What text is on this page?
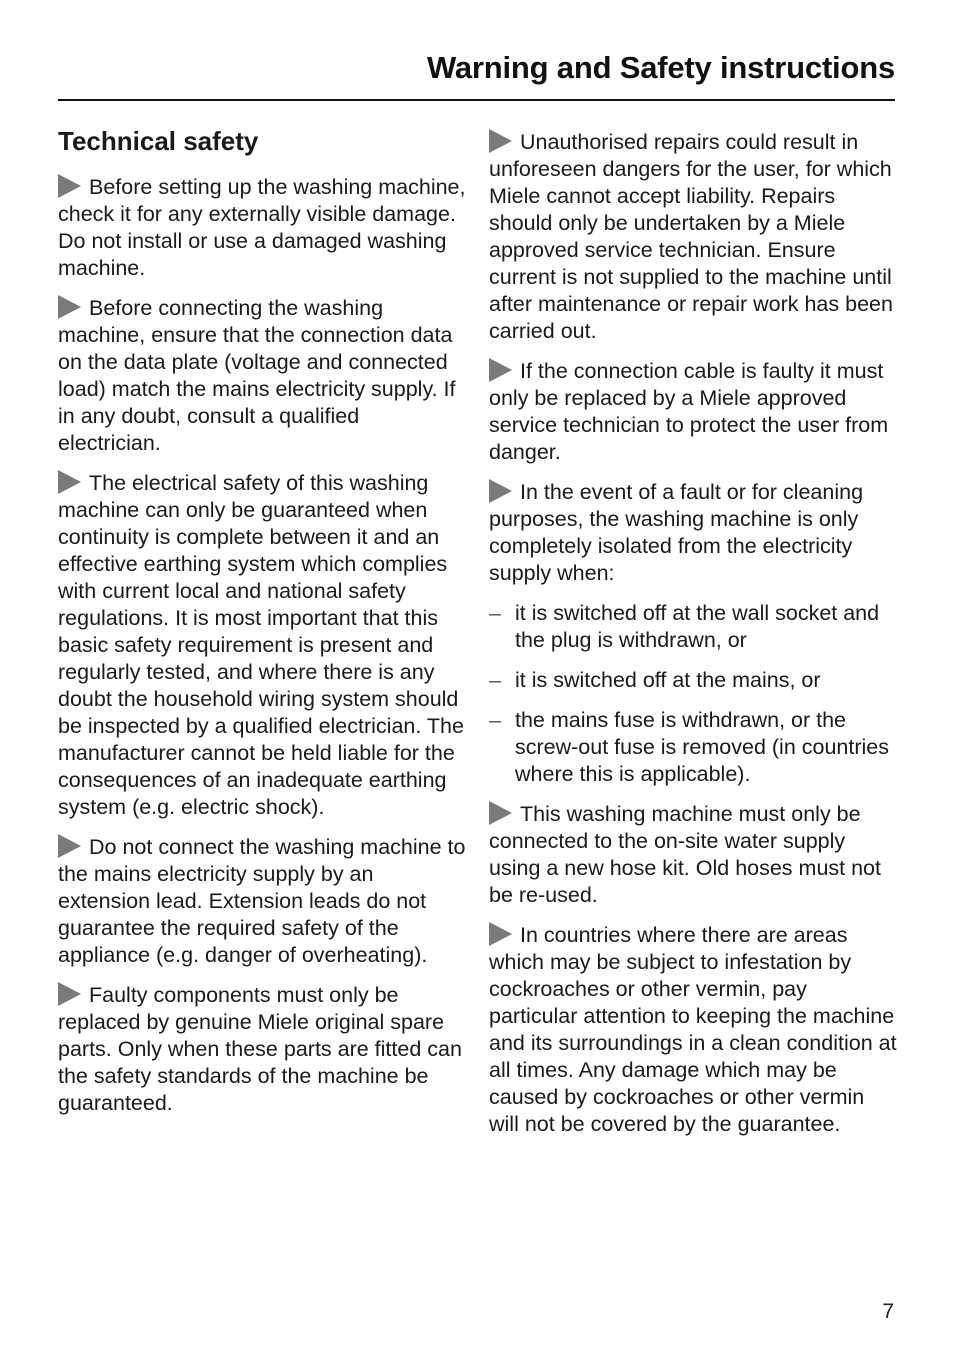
Warning and Safety instructions
Technical safety

Before setting up the washing machine, check it for any externally visible damage.
Do not install or use a damaged washing machine.

Before connecting the washing machine, ensure that the connection data on the data plate (voltage and connected load) match the mains electricity supply. If in any doubt, consult a qualified electrician.

The electrical safety of this washing machine can only be guaranteed when continuity is complete between it and an effective earthing system which complies with current local and national safety regulations. It is most important that this basic safety requirement is present and regularly tested, and where there is any doubt the household wiring system should be inspected by a qualified electrician. The manufacturer cannot be held liable for the consequences of an inadequate earthing system (e.g. electric shock).

Do not connect the washing machine to the mains electricity supply by an extension lead. Extension leads do not guarantee the required safety of the appliance (e.g. danger of overheating).

Faulty components must only be replaced by genuine Miele original spare parts. Only when these parts are fitted can the safety standards of the machine be guaranteed.

Unauthorised repairs could result in unforeseen dangers for the user, for which Miele cannot accept liability. Repairs should only be undertaken by a Miele approved service technician. Ensure current is not supplied to the machine until after maintenance or repair work has been carried out.

If the connection cable is faulty it must only be replaced by a Miele approved service technician to protect the user from danger.

In the event of a fault or for cleaning purposes, the washing machine is only completely isolated from the electricity supply when:

– it is switched off at the wall socket and the plug is withdrawn, or
– it is switched off at the mains, or
– the mains fuse is withdrawn, or the screw-out fuse is removed (in countries where this is applicable).

This washing machine must only be connected to the on-site water supply using a new hose kit. Old hoses must not be re-used.

In countries where there are areas which may be subject to infestation by cockroaches or other vermin, pay particular attention to keeping the machine and its surroundings in a clean condition at all times. Any damage which may be caused by cockroaches or other vermin will not be covered by the guarantee.

7
